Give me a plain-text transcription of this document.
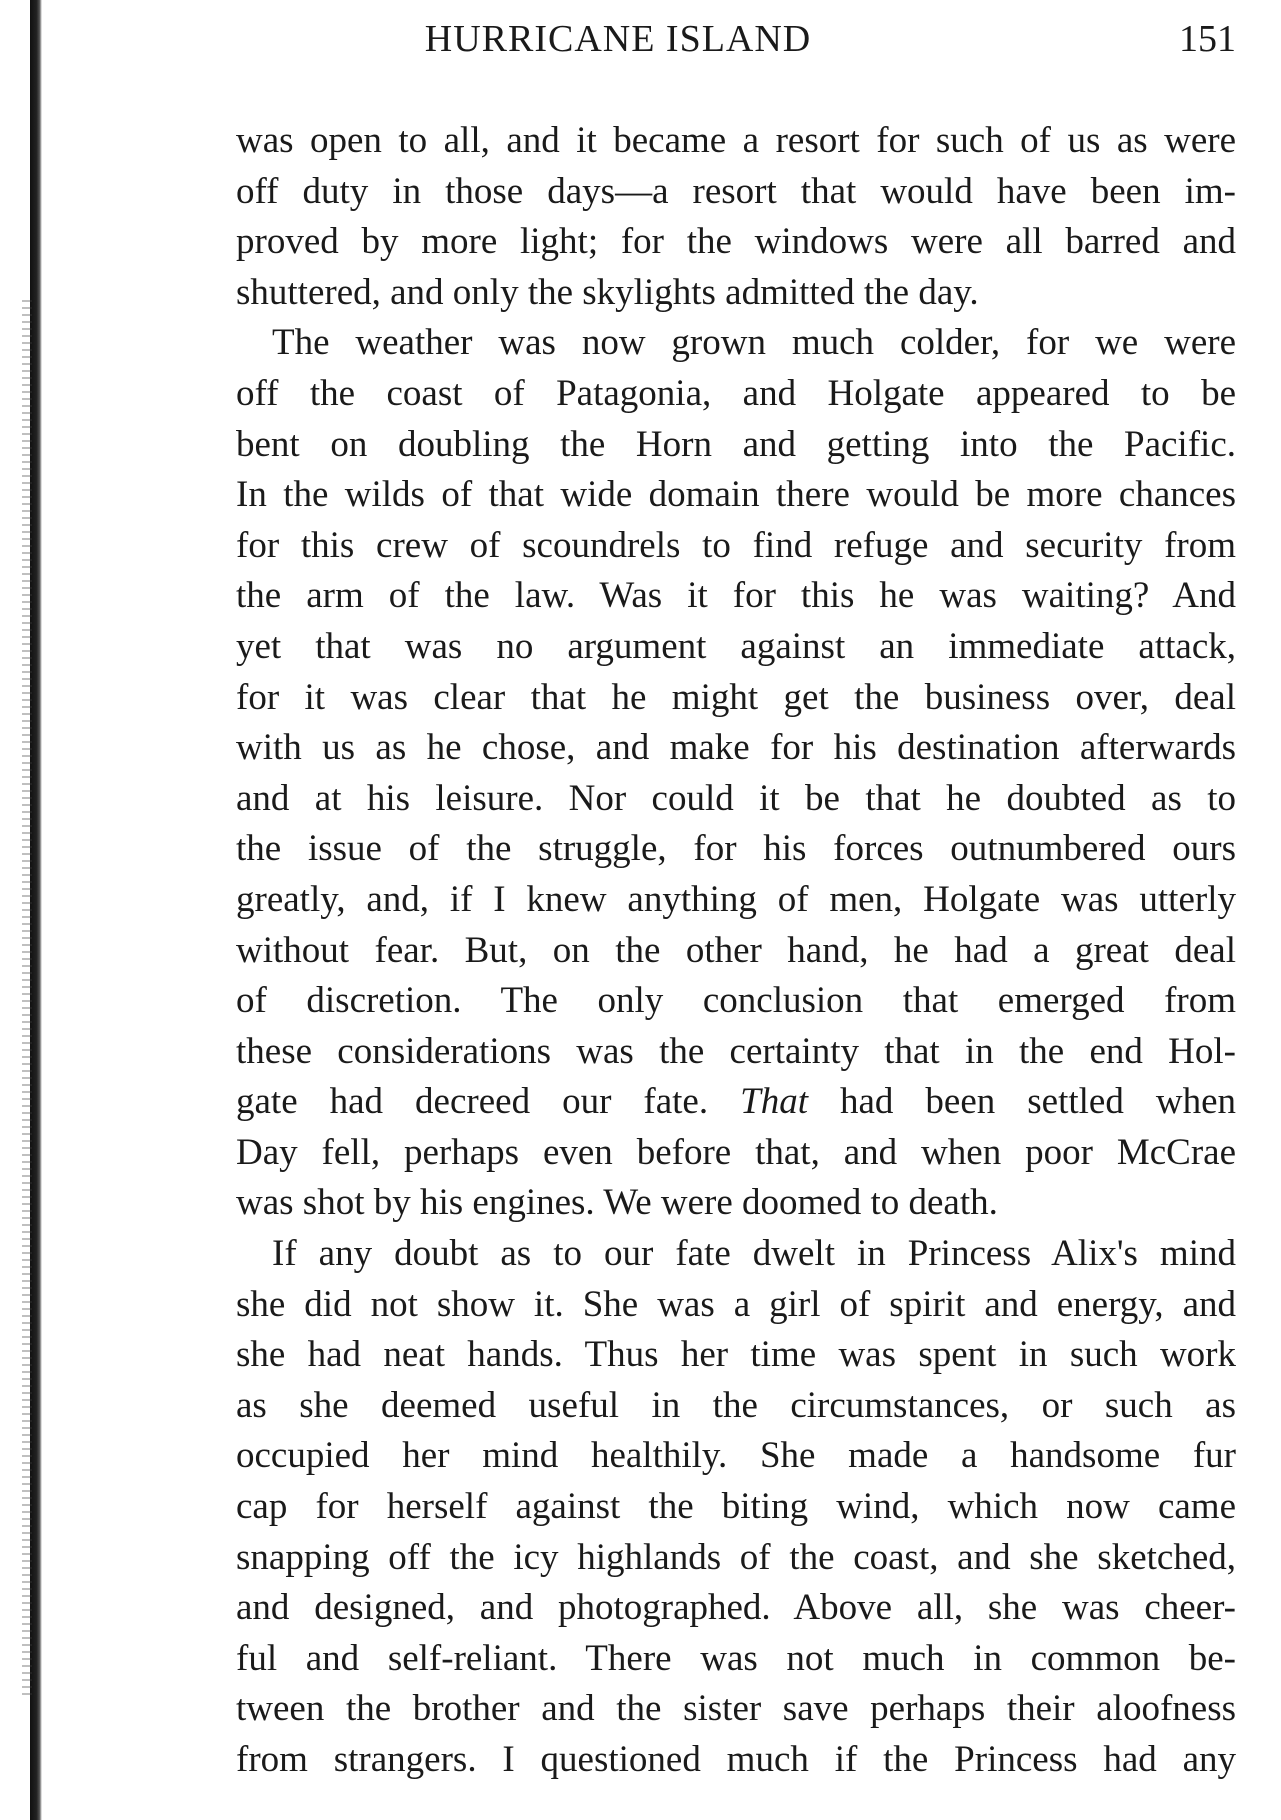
HURRICANE ISLAND	151
was open to all, and it became a resort for such of us as were
off duty in those days—a resort that would have been im-
proved by more light; for the windows were all barred and
shuttered, and only the skylights admitted the day.
The weather was now grown much colder, for we were
off the coast of Patagonia, and Holgate appeared to be
bent on doubling the Horn and getting into the Pacific.
In the wilds of that wide domain there would be more chances
for this crew of scoundrels to find refuge and security from
the arm of the law. Was it for this he was waiting? And
yet that was no argument against an immediate attack,
for it was clear that he might get the business over, deal
with us as he chose, and make for his destination afterwards
and at his leisure. Nor could it be that he doubted as to
the issue of the struggle, for his forces outnumbered ours
greatly, and, if I knew anything of men, Holgate was utterly
without fear. But, on the other hand, he had a great deal
of discretion. The only conclusion that emerged from
these considerations was the certainty that in the end Hol-
gate had decreed our fate. That had been settled when
Day fell, perhaps even before that, and when poor McCrae
was shot by his engines. We were doomed to death.
If any doubt as to our fate dwelt in Princess Alix's mind
she did not show it. She was a girl of spirit and energy, and
she had neat hands. Thus her time was spent in such work
as she deemed useful in the circumstances, or such as
occupied her mind healthily. She made a handsome fur
cap for herself against the biting wind, which now came
snapping off the icy highlands of the coast, and she sketched,
and designed, and photographed. Above all, she was cheer-
ful and self-reliant. There was not much in common be-
tween the brother and the sister save perhaps their aloofness
from strangers. I questioned much if the Princess had any
